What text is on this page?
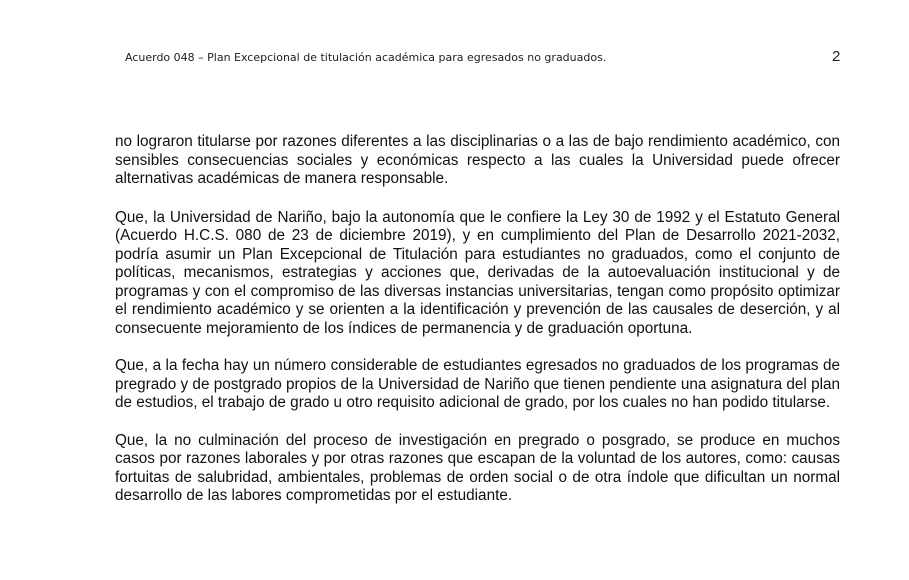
Acuerdo 048 – Plan Excepcional de titulación académica para egresados no graduados.	2

no lograron titularse por razones diferentes a las disciplinarias o a las de bajo rendimiento académico, con sensibles consecuencias sociales y económicas respecto a las cuales la Universidad puede ofrecer alternativas académicas de manera responsable.

Que, la Universidad de Nariño, bajo la autonomía que le confiere la Ley 30 de 1992 y el Estatuto General (Acuerdo H.C.S. 080 de 23 de diciembre 2019), y en cumplimiento del Plan de Desarrollo 2021-2032, podría asumir un Plan Excepcional de Titulación para estudiantes no graduados, como el conjunto de políticas, mecanismos, estrategias y acciones que, derivadas de la autoevaluación institucional y de programas y con el compromiso de las diversas instancias universitarias, tengan como propósito optimizar el rendimiento académico y se orienten a la identificación y prevención de las causales de deserción, y al consecuente mejoramiento de los índices de permanencia y de graduación oportuna.

Que, a la fecha hay un número considerable de estudiantes egresados no graduados de los programas de pregrado y de postgrado propios de la Universidad de Nariño que tienen pendiente una asignatura del plan de estudios, el trabajo de grado u otro requisito adicional de grado, por los cuales no han podido titularse.

Que, la no culminación del proceso de investigación en pregrado o posgrado, se produce en muchos casos por razones laborales y por otras razones que escapan de la voluntad de los autores, como: causas fortuitas de salubridad, ambientales, problemas de orden social o de otra índole que dificultan un normal desarrollo de las labores comprometidas por el estudiante.
